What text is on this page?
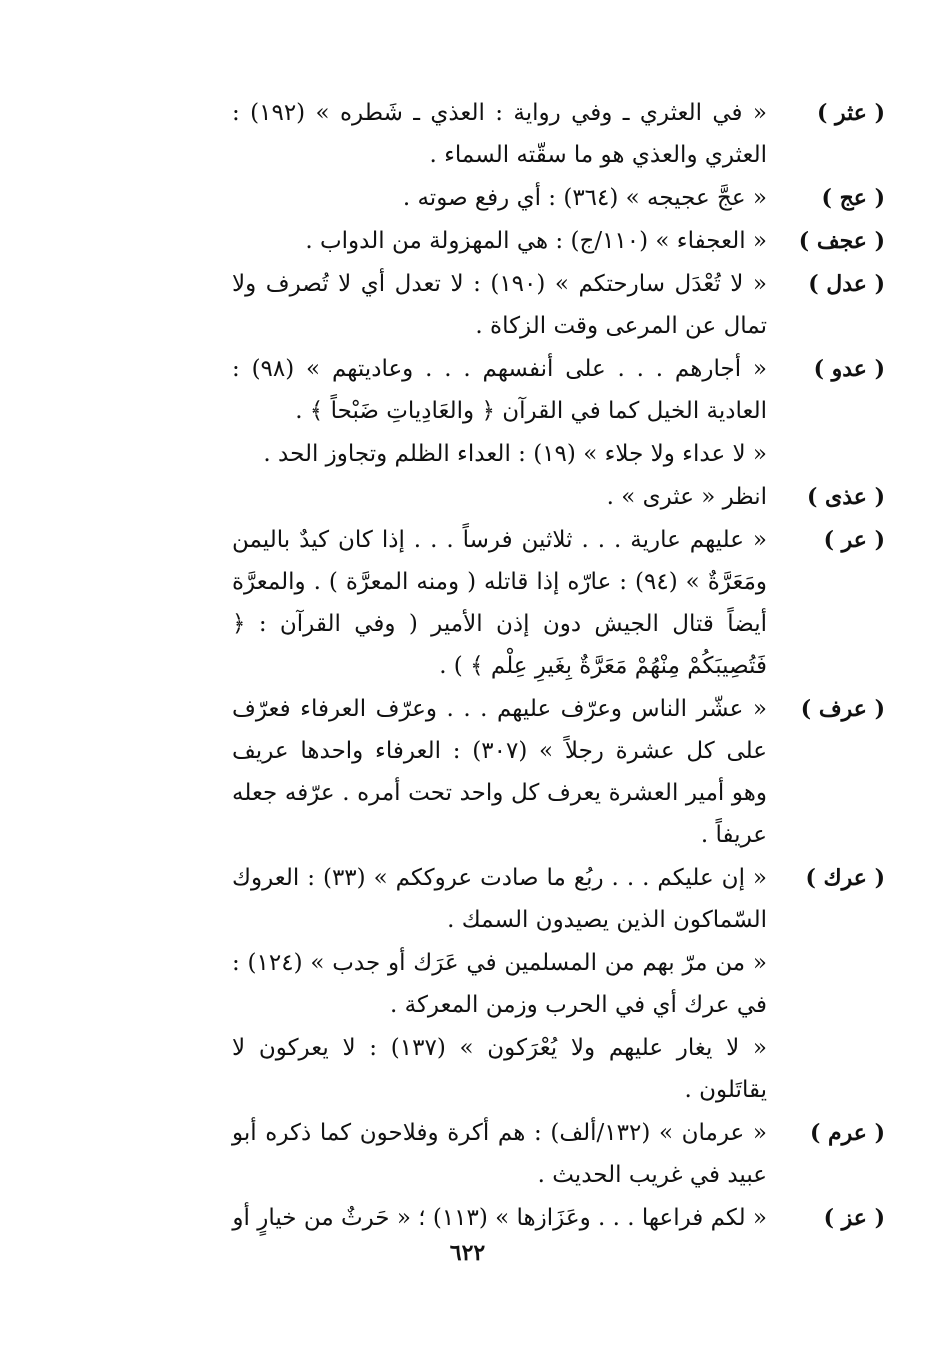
( عثر )

« في العثري ـ وفي رواية : العذي ـ شَطره » (١٩٢) : العثري والعذي هو ما سقّته السماء .

( عج )

« عجَّ عجيجه » (٣٦٤) : أي رفع صوته .

( عجف )

« العجفاء » (١١٠/ج) : هي المهزولة من الدواب .

( عدل )

« لا تُعْدَل سارحتكم » (١٩٠) : لا تعدل أي لا تُصرف ولا تمال عن المرعى وقت الزكاة .

( عدو )

« أجارهم . . . على أنفسهم . . . وعاديتهم » (٩٨) : العادية الخيل كما في القرآن ﴿ والعَادِياتِ ضَبْحاً ﴾ .

« لا عداء ولا جلاء » (١٩) : العداء الظلم وتجاوز الحد .

( عذى )

انظر « عثرى » .

( عر )

« عليهم عارية . . . ثلاثين فرساً . . . إذا كان كيدٌ باليمن ومَعَرَّةٌ » (٩٤) : عارّه إذا قاتله ( ومنه المعرَّة ) . والمعرَّة أيضاً قتال الجيش دون إذن الأمير ( وفي القرآن : ﴿ فَتُصِيبَكُمْ مِنْهُمْ مَعَرَّةٌ بِغَيرِ عِلْم ﴾ ) .

( عرف )

« عشّر الناس وعرّف عليهم . . . وعرّف العرفاء فعرّف على كل عشرة رجلاً » (٣٠٧) : العرفاء واحدها عريف وهو أمير العشرة يعرف كل واحد تحت أمره . عرّفه جعله عريفاً .

( عرك )

« إن عليكم . . . ربُع ما صادت عروككم » (٣٣) : العروك السّماكون الذين يصيدون السمك .

« من مرّ بهم من المسلمين في عَرَك أو جدب » (١٢٤) : في عرك أي في الحرب وزمن المعركة .

« لا يغار عليهم ولا يُعْرَكون » (١٣٧) : لا يعركون لا يقاتَلون .

( عرم )

« عرمان » (١٣٢/ألف) : هم أكرة وفلاحون كما ذكره أبو عبيد في غريب الحديث .

( عز )

« لكم فراعها . . . وعَزَازها » (١١٣) ؛ « حَرثٌ من خيارٍ أو

٦٢٢
